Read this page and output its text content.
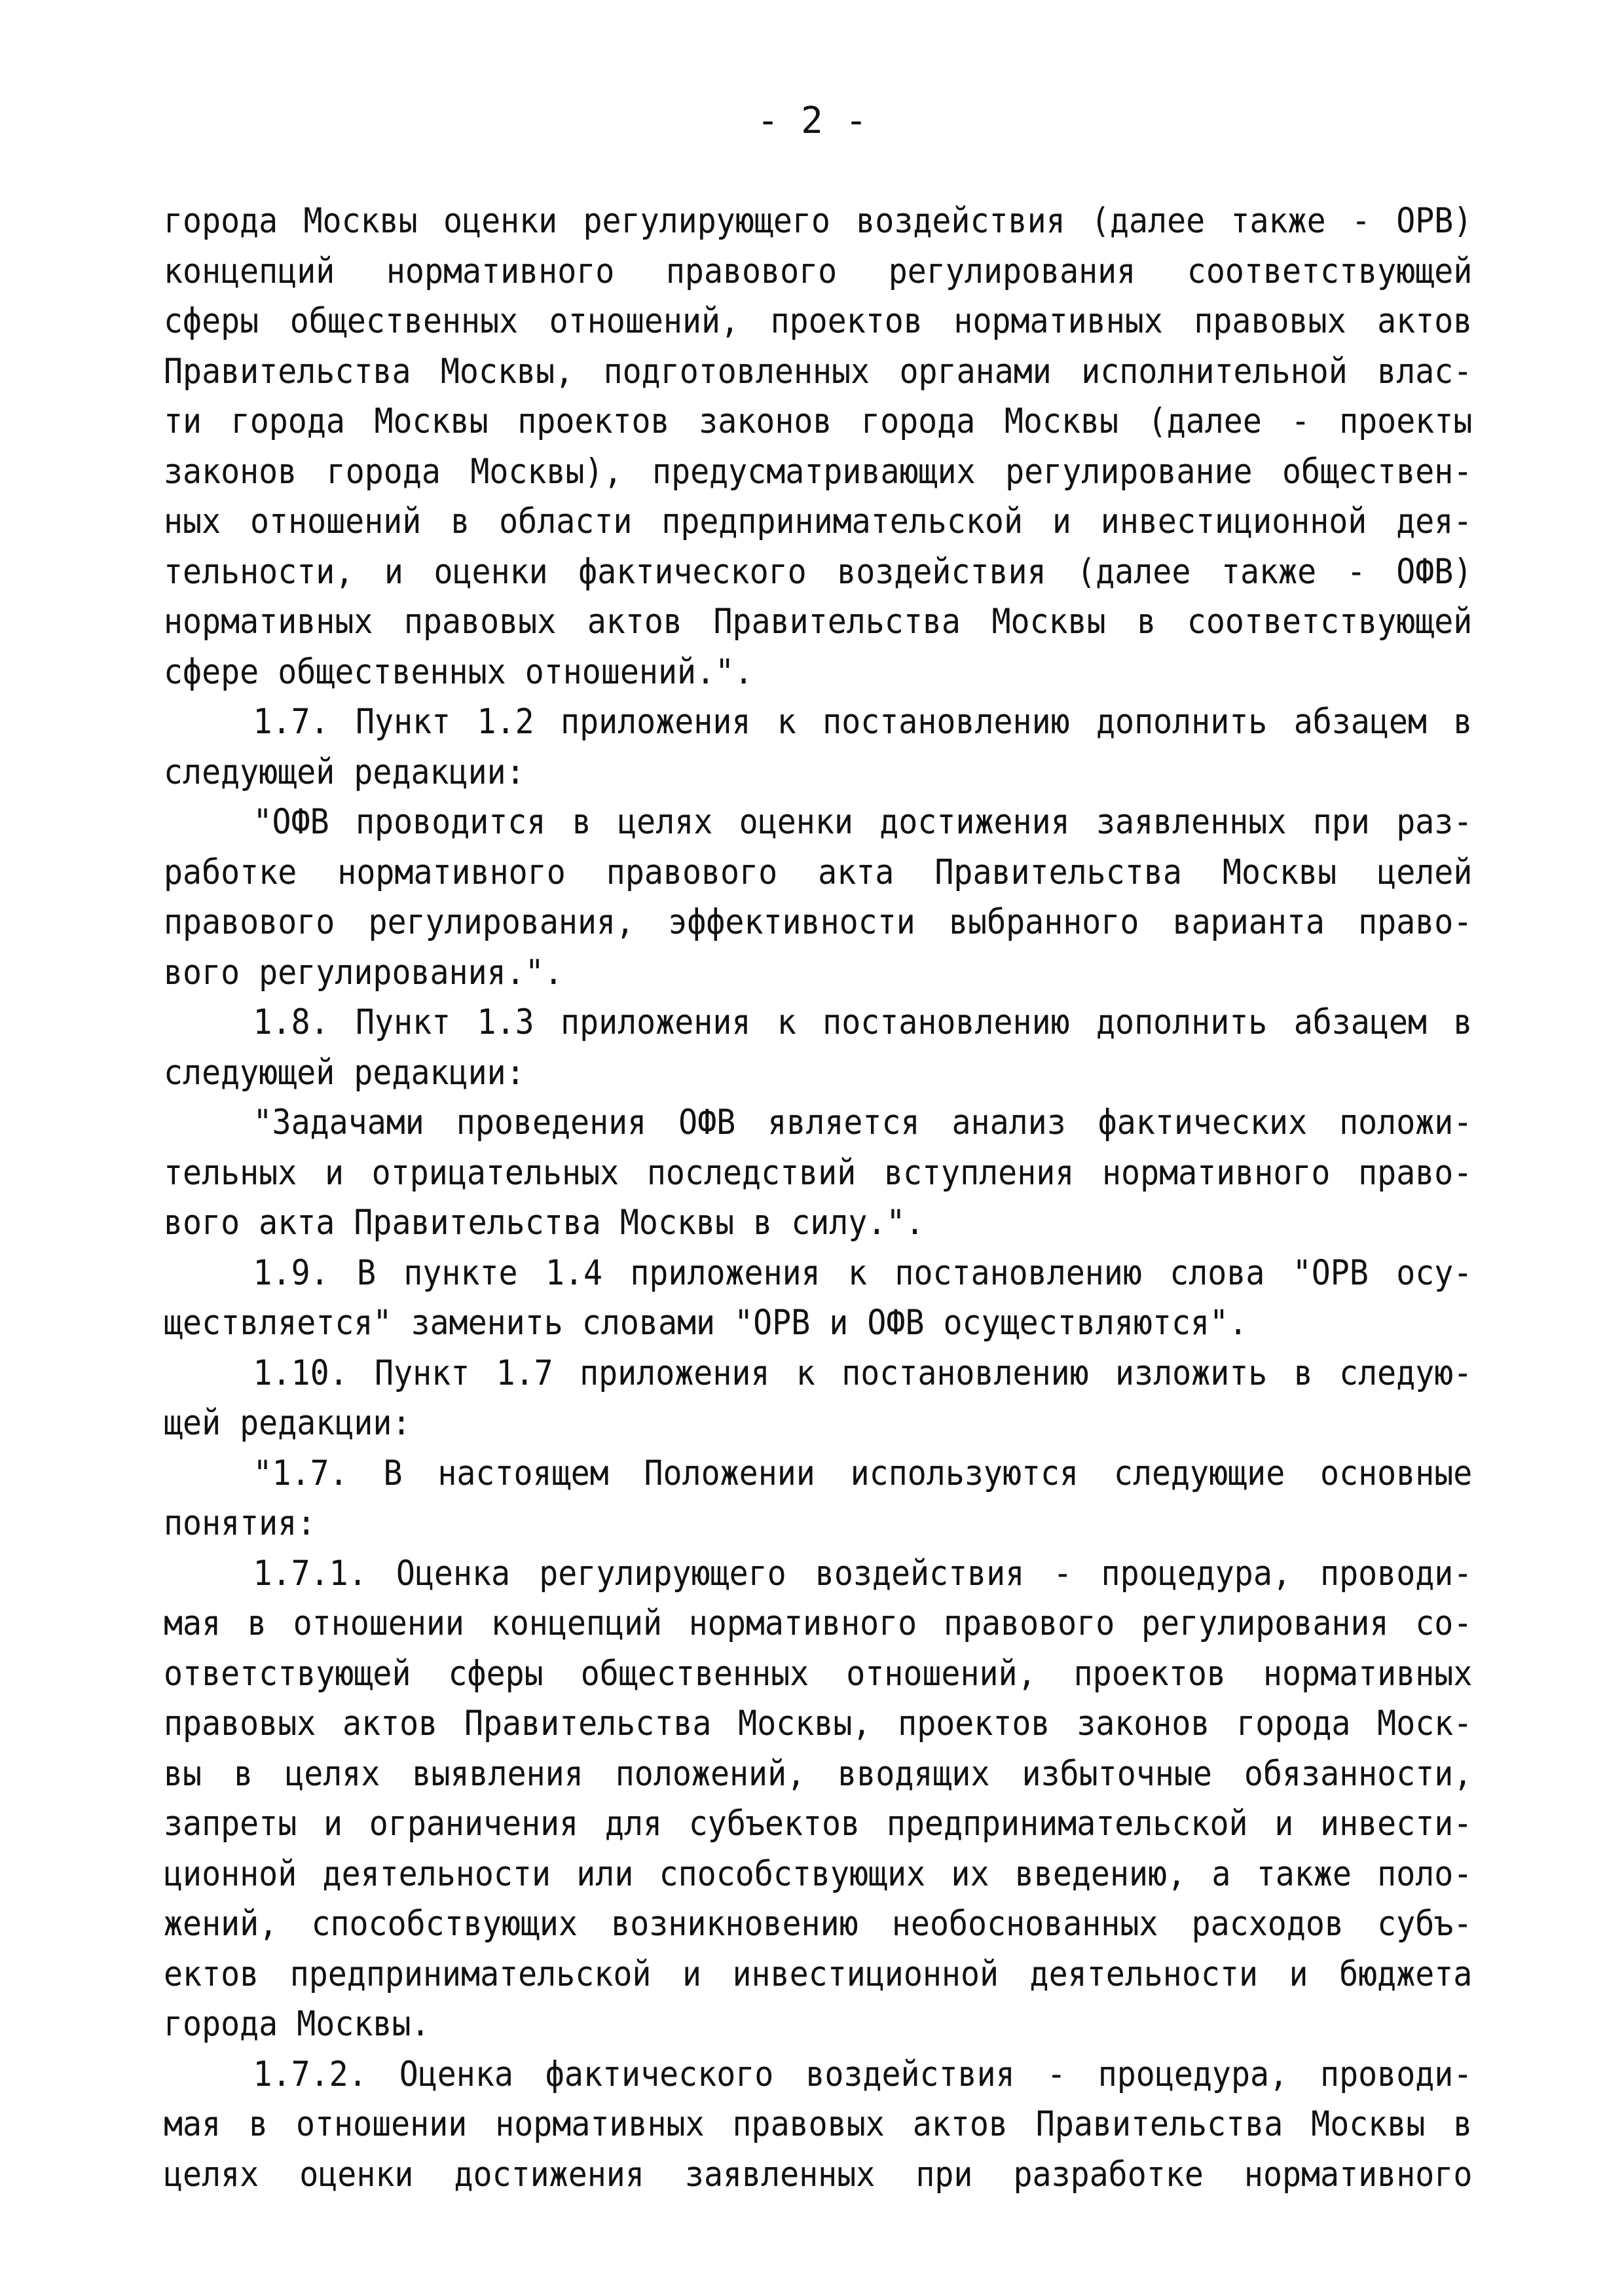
- 2 -
города Москвы оценки регулирующего воздействия (далее также - ОРВ)
концепций нормативного правового регулирования соответствующей
сферы общественных отношений, проектов нормативных правовых актов
Правительства Москвы, подготовленных органами исполнительной влас-
ти города Москвы проектов законов города Москвы (далее - проекты
законов города Москвы), предусматривающих регулирование обществен-
ных отношений в области предпринимательской и инвестиционной дея-
тельности, и оценки фактического воздействия (далее также - ОФВ)
нормативных правовых актов Правительства Москвы в соответствующей
сфере общественных отношений.".
1.7. Пункт 1.2 приложения к постановлению дополнить абзацем в
следующей редакции:
"ОФВ проводится в целях оценки достижения заявленных при раз-
работке нормативного правового акта Правительства Москвы целей
правового регулирования, эффективности выбранного варианта право-
вого регулирования.".
1.8. Пункт 1.3 приложения к постановлению дополнить абзацем в
следующей редакции:
"Задачами проведения ОФВ является анализ фактических положи-
тельных и отрицательных последствий вступления нормативного право-
вого акта Правительства Москвы в силу.".
1.9. В пункте 1.4 приложения к постановлению слова "ОРВ осу-
ществляется" заменить словами "ОРВ и ОФВ осуществляются".
1.10. Пункт 1.7 приложения к постановлению изложить в следую-
щей редакции:
"1.7. В настоящем Положении используются следующие основные
понятия:
1.7.1. Оценка регулирующего воздействия - процедура, проводи-
мая в отношении концепций нормативного правового регулирования со-
ответствующей сферы общественных отношений, проектов нормативных
правовых актов Правительства Москвы, проектов законов города Моск-
вы в целях выявления положений, вводящих избыточные обязанности,
запреты и ограничения для субъектов предпринимательской и инвести-
ционной деятельности или способствующих их введению, а также поло-
жений, способствующих возникновению необоснованных расходов субъ-
ектов предпринимательской и инвестиционной деятельности и бюджета
города Москвы.
1.7.2. Оценка фактического воздействия - процедура, проводи-
мая в отношении нормативных правовых актов Правительства Москвы в
целях оценки достижения заявленных при разработке нормативного
